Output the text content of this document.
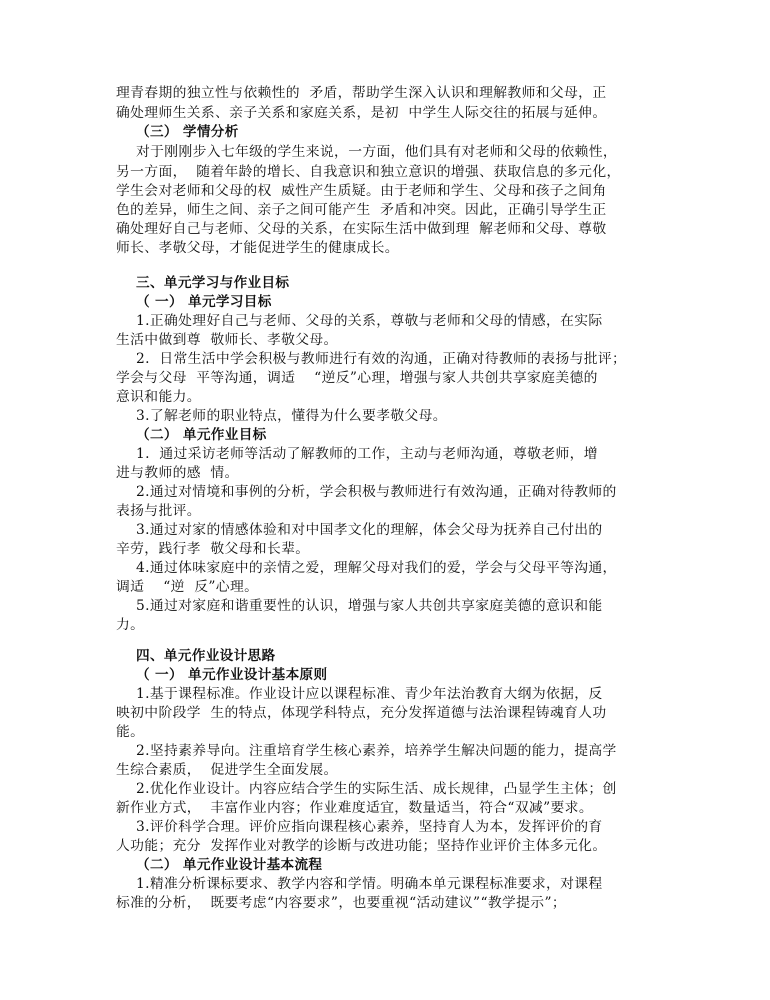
理青春期的独立性与依赖性的  矛盾，帮助学生深入认识和理解教师和父母，正
确处理师生关系、亲子关系和家庭关系，是初  中学生人际交往的拓展与延伸。
（三） 学情分析
对于刚刚步入七年级的学生来说，一方面，他们具有对老师和父母的依赖性，
另一方面，  随着年龄的增长、自我意识和独立意识的增强、获取信息的多元化，
学生会对老师和父母的权  威性产生质疑。由于老师和学生、父母和孩子之间角
色的差异，师生之间、亲子之间可能产生  矛盾和冲突。因此，正确引导学生正
确处理好自己与老师、父母的关系，在实际生活中做到理  解老师和父母、尊敬
师长、孝敬父母，才能促进学生的健康成长。
三、单元学习与作业目标
（ 一） 单元学习目标
1.正确处理好自己与老师、父母的关系，尊敬与老师和父母的情感，在实际
生活中做到尊  敬师长、孝敬父母。
2.  日常生活中学会积极与教师进行有效的沟通，正确对待教师的表扬与批评；
学会与父母  平等沟通，调适    “逆反”心理，增强与家人共创共享家庭美德的
意识和能力。
3.了解老师的职业特点，懂得为什么要孝敬父母。
（二） 单元作业目标
1.  通过采访老师等活动了解教师的工作，主动与老师沟通，尊敬老师，增
进与教师的感  情。
2.通过对情境和事例的分析，学会积极与教师进行有效沟通，正确对待教师的
表扬与批评。
3.通过对家的情感体验和对中国孝文化的理解，体会父母为抚养自己付出的
辛劳，践行孝  敬父母和长辈。
4.通过体味家庭中的亲情之爱，理解父母对我们的爱，学会与父母平等沟通，
调适    “逆  反”心理。
5.通过对家庭和谐重要性的认识，增强与家人共创共享家庭美德的意识和能
力。
四、单元作业设计思路
（ 一） 单元作业设计基本原则
1.基于课程标准。作业设计应以课程标准、青少年法治教育大纲为依据，反
映初中阶段学  生的特点，体现学科特点，充分发挥道德与法治课程铸魂育人功
能。
2.坚持素养导向。注重培育学生核心素养，培养学生解决问题的能力，提高学
生综合素质，  促进学生全面发展。
2.优化作业设计。内容应结合学生的实际生活、成长规律，凸显学生主体；创
新作业方式，  丰富作业内容；作业难度适宜，数量适当，符合“双减”要求。
3.评价科学合理。评价应指向课程核心素养，坚持育人为本，发挥评价的育
人功能；充分  发挥作业对教学的诊断与改进功能；坚持作业评价主体多元化。
（二） 单元作业设计基本流程
1.精准分析课标要求、教学内容和学情。明确本单元课程标准要求，对课程
标准的分析，  既要考虑“内容要求”，也要重视“活动建议”“教学提示”；
